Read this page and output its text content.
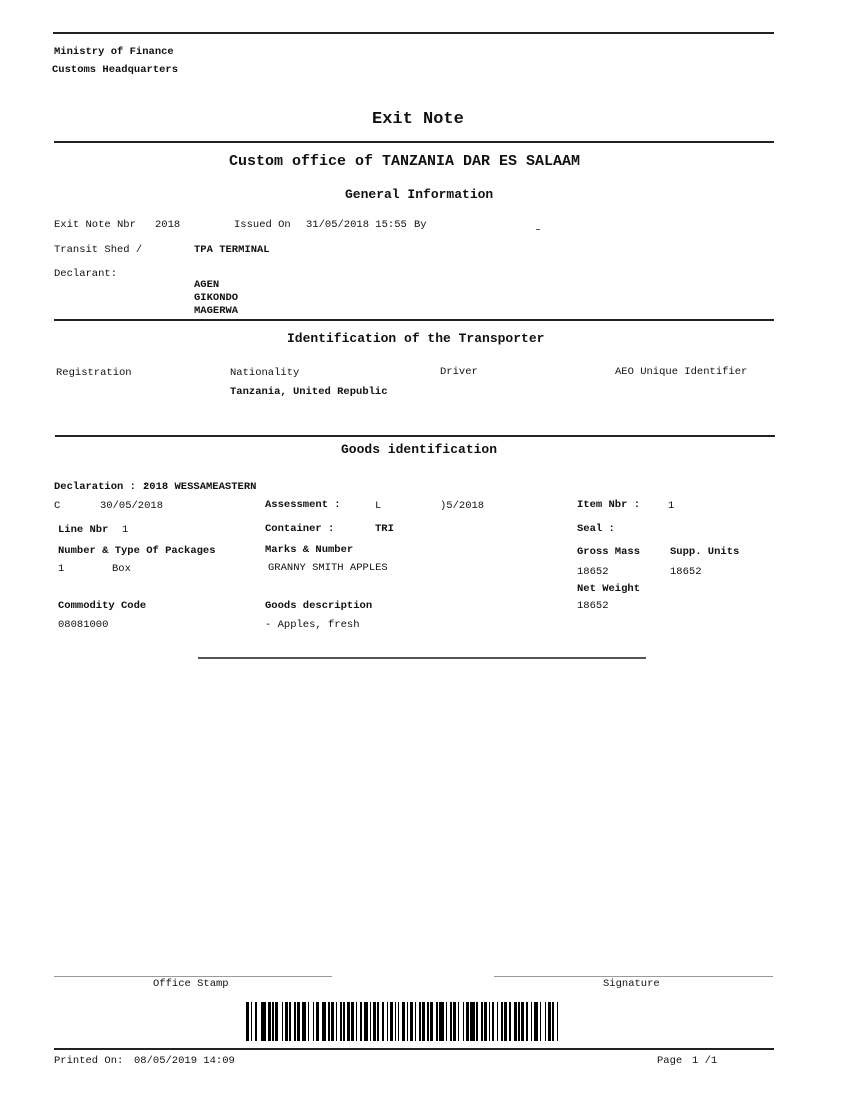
Ministry of Finance
Customs Headquarters
Exit Note
Custom office of TANZANIA DAR ES SALAAM
General Information
Exit Note Nbr 2018	Issued On 31/05/2018 15:55 By
Transit Shed /	TPA TERMINAL
Declarant:
AGEN
GIKONDO
MAGERWA
Identification of the Transporter
Registration	Nationality	Driver	AEO Unique Identifier
Tanzania, United Republic
Goods identification
Declaration : :
2018 WESSAMEASTERN
C	30/05/2018	Assessment :	L	)5/2018	Item Nbr :	1
Line Nbr 1	Container :	TRI	Seal :
Number & Type Of Packages
1	Box
Marks & Number
GRANNY SMITH APPLES
Gross Mass
18652
Supp. Units
18652
Net Weight
18652
Commodity Code
08081000
Goods description
- Apples, fresh
Office Stamp	Signature
Printed On: 08/05/2019 14:09	Page 1 /1
